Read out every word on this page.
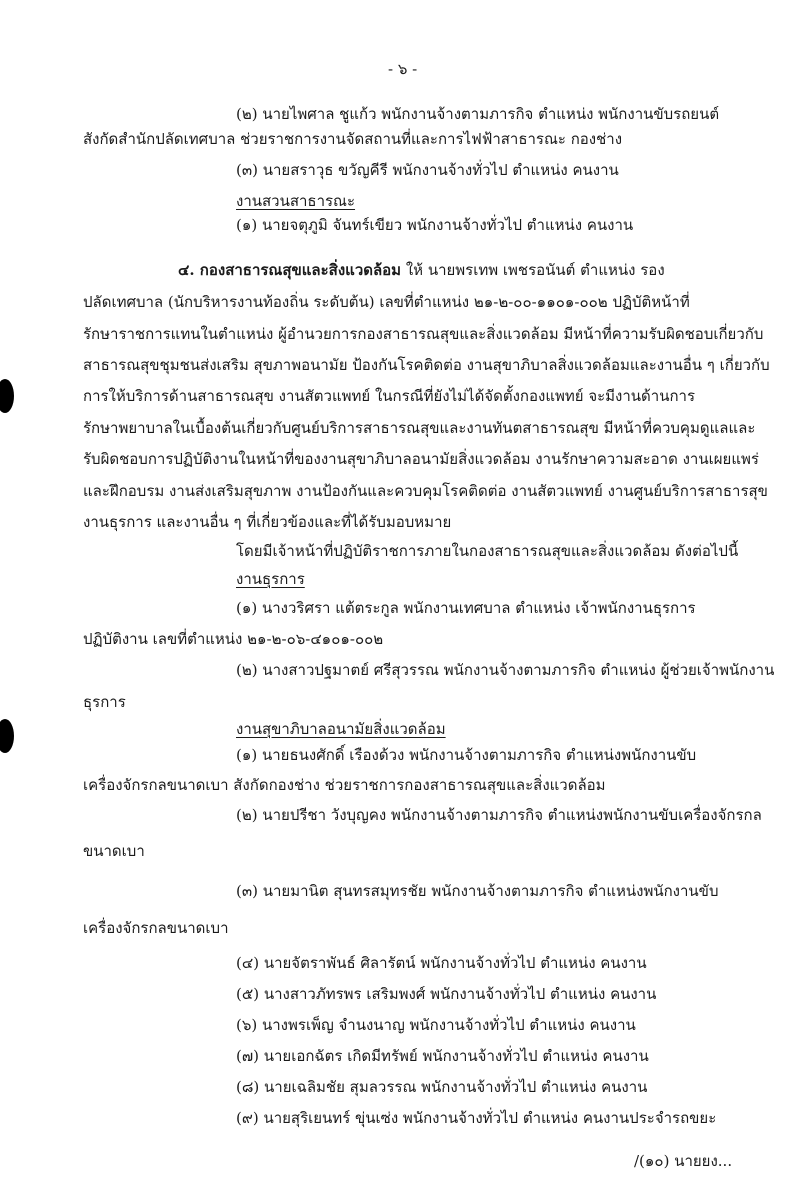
- ๖ -
(๒) นายไพศาล ชูแก้ว พนักงานจ้างตามภารกิจ ตำแหน่ง พนักงานขับรถยนต์
สังกัดสำนักปลัดเทศบาล ช่วยราชการงานจัดสถานที่และการไฟฟ้าสาธารณะ กองช่าง
(๓) นายสราวุธ ขวัญคีรี พนักงานจ้างทั่วไป ตำแหน่ง คนงาน
งานสวนสาธารณะ
(๑) นายจตุภูมิ จันทร์เขียว พนักงานจ้างทั่วไป ตำแหน่ง คนงาน
๔. กองสาธารณสุขและสิ่งแวดล้อม ให้ นายพรเทพ เพชรอนันต์ ตำแหน่ง รอง
ปลัดเทศบาล (นักบริหารงานท้องถิ่น ระดับต้น) เลขที่ตำแหน่ง ๒๑-๒-๐๐-๑๑๐๑-๐๐๒ ปฏิบัติหน้าที่
รักษาราชการแทนในตำแหน่ง ผู้อำนวยการกองสาธารณสุขและสิ่งแวดล้อม มีหน้าที่ความรับผิดชอบเกี่ยวกับ
สาธารณสุขชุมชนส่งเสริม สุขภาพอนามัย ป้องกันโรคติดต่อ งานสุขาภิบาลสิ่งแวดล้อมและงานอื่น ๆ เกี่ยวกับ
การให้บริการด้านสาธารณสุข งานสัตวแพทย์ ในกรณีที่ยังไม่ได้จัดตั้งกองแพทย์ จะมีงานด้านการ
รักษาพยาบาลในเบื้องต้นเกี่ยวกับศูนย์บริการสาธารณสุขและงานทันตสาธารณสุข มีหน้าที่ควบคุมดูแลและ
รับผิดชอบการปฏิบัติงานในหน้าที่ของงานสุขาภิบาลอนามัยสิ่งแวดล้อม งานรักษาความสะอาด งานเผยแพร่
และฝึกอบรม งานส่งเสริมสุขภาพ งานป้องกันและควบคุมโรคติดต่อ งานสัตวแพทย์ งานศูนย์บริการสาธารสุข
งานธุรการ และงานอื่น ๆ ที่เกี่ยวข้องและที่ได้รับมอบหมาย
โดยมีเจ้าหน้าที่ปฏิบัติราชการภายในกองสาธารณสุขและสิ่งแวดล้อม ดังต่อไปนี้
งานธุรการ
(๑) นางวริศรา แต้ตระกูล พนักงานเทศบาล ตำแหน่ง เจ้าพนักงานธุรการ
ปฏิบัติงาน เลขที่ตำแหน่ง ๒๑-๒-๐๖-๔๑๐๑-๐๐๒
(๒) นางสาวปฐมาตย์ ศรีสุวรรณ พนักงานจ้างตามภารกิจ ตำแหน่ง ผู้ช่วยเจ้าพนักงาน
ธุรการ
งานสุขาภิบาลอนามัยสิ่งแวดล้อม
(๑) นายธนงศักดิ์ เรืองด้วง พนักงานจ้างตามภารกิจ ตำแหน่งพนักงานขับ
เครื่องจักรกลขนาดเบา สังกัดกองช่าง ช่วยราชการกองสาธารณสุขและสิ่งแวดล้อม
(๒) นายปรีชา วังบุญคง พนักงานจ้างตามภารกิจ ตำแหน่งพนักงานขับเครื่องจักรกล
ขนาดเบา
(๓) นายมานิต สุนทรสมุทรชัย พนักงานจ้างตามภารกิจ ตำแหน่งพนักงานขับ
เครื่องจักรกลขนาดเบา
(๔) นายจัตราพันธ์ ศิลารัตน์ พนักงานจ้างทั่วไป ตำแหน่ง คนงาน
(๕) นางสาวภัทรพร เสริมพงศ์ พนักงานจ้างทั่วไป ตำแหน่ง คนงาน
(๖) นางพรเพ็ญ จำนงนาญ พนักงานจ้างทั่วไป ตำแหน่ง คนงาน
(๗) นายเอกฉัตร เกิดมีทรัพย์ พนักงานจ้างทั่วไป ตำแหน่ง คนงาน
(๘) นายเฉลิมชัย สุมลวรรณ พนักงานจ้างทั่วไป ตำแหน่ง คนงาน
(๙) นายสุริเยนทร์ ขุ่นเซ่ง พนักงานจ้างทั่วไป ตำแหน่ง คนงานประจำรถขยะ
/(๑๐) นายยง...
